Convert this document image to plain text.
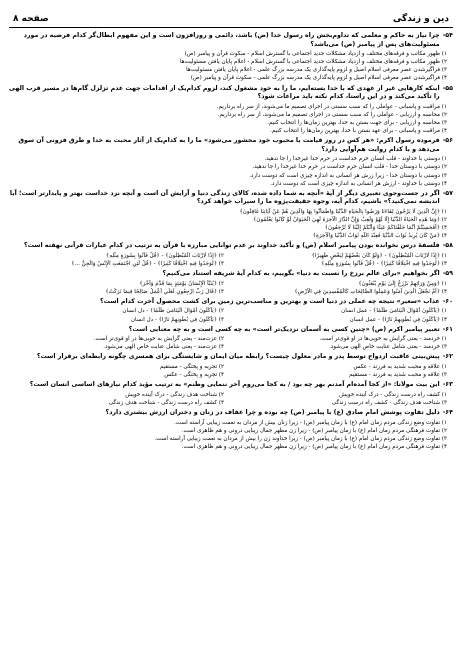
دین و زندگی
صفحه ۸
-۵۴
چرا نیاز به حاکم و معلمی که تداوم‌بخش راه رسول خدا (ص) باشد، دائمی و روزافزون است و این مفهوم ابطال‌گر کدام فرضیه در مورد مسئولیت‌های پس از پیامبر (ص) می‌باشد؟
۱) ظهور مکاتب و فرقه‌های مختلف و ازدیاد مشکلات جدید اجتماعی با گسترش اسلام - سکوت قرآن و پیامبر (ص)
۲) ظهور مکاتب و فرقه‌های مختلف و ازدیاد مشکلات جدید اجتماعی با گسترش اسلام - اعلام پایان یافتن مسئولیت‌ها
۳) فراگیرشدن عصر معرفی اسلام اصیل و لزوم پایه‌گذاری یک مدرسه بزرگ علمی - اعلام پایان یافتن مسئولیت‌ها
۴) فراگیرشدن عصر معرفی اسلام اصیل و لزوم پایه‌گذاری یک مدرسه بزرگ علمی - سکوت قرآن و پیامبر (ص)
-۵۵
اینکه کارهایی غیر از عهدی که با خدا بسته‌ایم، ما را به خود مشغول کند، لزوم کدام‌یک از اقدامات جهت عدم تزلزل گام‌ها در مسیر قرب الهی را تأکید می‌کند و در این راستا، کدام نکته باید مراعات شود؟
۱) مراقبت و پاسبانی - عواملی را که سبب سستی در اجرای تصمیم ما می‌شوند، از سر راه برداریم.
۲) محاسبه و ارزیابی - عواملی را که سبب سستی در اجرای تصمیم ما می‌شوند، از سر راه برداریم.
۳) محاسبه و ارزیابی - برای جهت بستن به خدا، بهترین زمان‌ها را انتخاب کنیم.
۴) مراقبت و پاسبانی - برای عهد بستن با خدا، بهترین زمان‌ها را انتخاب کنیم.
-۵۶
فرموده رسول اکرم: «هر کس در روز قیامت با محبوب خود محشور می‌شود» ما را به کدام‌یک از آثار محبت به خدا و طرق فزونی آن سوق می‌دهد و با کدام روایت هم‌آوایی دارد؟
۱) دوستی با خداوند - قلب انسان حرم خداست در حرم خدا غیرخدا را جا ندهید.
۲) دوستی با دوستان خدا - قلب انسان حرم خداست در حرم خدا غیرخدا را جا ندهید.
۳) دوستی با دوستان خدا - زیرا زرش هر انسانی به اندازه چیزی است که دوست دارد.
۴) دوستی با خداوند - ارزش هر انسانی به اندازه چیزی است که دوست دارد.
-۵۷
اگر در جست‌وجوی تعبیری دیگر از آیهٔ «آنچه به شما داده شده، کالای زندگی دنیا و آرایش آن است و آنچه نزد خداست بهتر و پایدارتر است؛ آیا اندیشه نمی‌کنید؟» باشیم، کدام آیه، وجوه حقیقت‌پژوه ما را سیراب خواهد کرد؟
۱) ﴿إِنَّ الَّذِينَ لَا يَرْجُونَ لِقَاءَنَا وَرَضُوا بِالْحَيَاةِ الدُّنْيَا وَاطْمَأَنُّوا بِهَا وَالَّذِينَ هُمْ عَنْ آيَاتِنَا غَافِلُونَ﴾
۲) ﴿وَمَا هَٰذِهِ الْحَيَاةُ الدُّنْيَا إِلَّا لَهْوٌ وَلَعِبٌ وَإِنَّ الدَّارَ الْآخِرَةَ لَهِيَ الْحَيَوَانُ لَوْ كَانُوا يَعْلَمُونَ﴾
۳) ﴿أَفَحَسِبْتُمْ أَنَّمَا خَلَقْنَاكُمْ عَبَثًا وَأَنَّكُمْ إِلَيْنَا لَا تُرْجَعُونَ﴾
۴) ﴿مَنْ كَانَ يُرِيدُ ثَوَابَ الدُّنْيَا فَعِنْدَ اللَّهِ ثَوَابُ الدُّنْيَا وَالْآخِرَةِ﴾
-۵۸
فلسفهٔ درس نخوانده بودن پیامبر اسلام (ص) و تأکید خداوند بر عدم توانایی مبارزه با قرآن به ترتیب در کدام عبارات قرآنی نهفته است؟
۱) ﴿إِذًا لَارْتَابَ الْمُبْطِلُونَ﴾ - ﴿وَلَوْ كَانَ بَعْضُهُمْ لِبَعْضٍ ظَهِيرًا﴾
۲) ﴿إِذًا لَارْتَابَ الْمُبْطِلُونَ﴾ - ﴿قُلْ فَأْتُوا بِسُورَةٍ مِثْلِهِ﴾
۳) ﴿لَوَجَدُوا فِيهِ اخْتِلَافًا كَثِيرًا﴾ - ﴿قُلْ فَأْتُوا بِسُورَةٍ مِثْلِهِ﴾
۴) ﴿لَوَجَدُوا فِيهِ اخْتِلَافًا كَثِيرًا﴾ - ﴿قُلْ لَئِنِ اجْتَمَعَتِ الْإِنْسُ وَالْجِنُّ ...﴾
-۵۹
اگر بخواهیم «برای عالم برزخ را نسبت به دنیا» بگوییم، به کدام آیهٔ شریفه استناد می‌کنیم؟
۱) ﴿وَمِنْ وَرَائِهِمْ بَرْزَخٌ إِلَىٰ يَوْمِ يُبْعَثُونَ﴾
۲) ﴿يُنَبَّأُ الْإِنْسَانُ يَوْمَئِذٍ بِمَا قَدَّمَ وَأَخَّرَ﴾
۳) ﴿أَمْ نَجْعَلُ الَّذِينَ آمَنُوا وَعَمِلُوا الصَّالِحَاتِ كَالْمُفْسِدِينَ فِي الْأَرْضِ﴾
۴) ﴿قَالَ رَبِّ ارْجِعُونِ لَعَلِّي أَعْمَلُ صَالِحًا فِيمَا تَرَكْتُ﴾
-۶۰
عذاب «سعیر» نتیجه چه عملی در دنیا است و بهترین و مناسب‌ترین زمین برای کشت محصول آخرت کدام است؟
۱) ﴿يَأْكُلُونَ أَمْوَالَ الْيَتَامَىٰ ظُلْمًا﴾ - عمل انسان
۲) ﴿يَأْكُلُونَ أَمْوَالَ الْيَتَامَىٰ ظُلْمًا﴾ - دل انسان
۳) ﴿يَأْكُلُونَ فِي بُطُونِهِمْ نَارًا﴾ - عمل انسان
۴) ﴿يَأْكُلُونَ فِي بُطُونِهِمْ نَارًا﴾ - دل انسان
-۶۱
تعبیر پیامبر اکرم (ص) «چنین کسی به آسمان نزدیک‌تر است» به چه کسی است و به چه معنایی است؟
۱) خردمند - یعنی گرایش به خوبی‌ها در او قوی‌تر است.
۲) عزت‌مند - یعنی گرایش به خوبی‌ها در او قوی‌تر است.
۳) خردمند - یعنی شامل عنایت خاص الهی می‌شود.
۴) عزت‌مند - یعنی شامل عنایت خاص الهی می‌شود.
-۶۲
پیش‌بینی عاقبت ازدواج توسط پدر و مادر معلول چیست؟ رابطه میان ایمان و شایستگی برای همسری چگونه رابطه‌ای برقرار است؟
۱) علاقه و محبت شدید به فرزند - عکس
۲) تجربه و پختگی - مستقیم
۳) علاقه و محبت شدید به فرزند - مستقیم
۴) تجربه و پختگی - عکس
-۶۳
این بیت مولانا: «از کجا آمده‌ام آمدنم بهر چه بود / به کجا می‌روم آخر ننمایی وطنم» به ترتیب مؤید کدام نیازهای اساسی انسان است؟
۱) کشف راه درست زندگی - درک آینده خویش
۲) شناخت هدف زندگی - درک آینده خویش
۳) شناخت هدف زندگی - کشف راه درست زندگی
۴) کشف راه درست زندگی - شناخت هدف زندگی
-۶۴
دلیل تفاوت پوشش امام صادق (ع) با پیامبر (ص) چه بوده و چرا عفاف در زنان و دختران ارزش بیشتری دارد؟
۱) تفاوت وضع زندگی مردم زمان امام (ع) با زمان پیامبر (ص) - زیرا زنان بیش از مردان به نعمت زیبایی آراسته است.
۲) تفاوت فرهنگی مردم زمان امام (ع) با زمان پیامبر (ص) - زیرا زن مظهر جمال زیبایی درونی و هم ظاهری است.
۳) تفاوت وضع زندگی مردم زمان امام (ع) با زمان پیامبر (ص) - زیرا خداوند زن را بیش از مردان به نعمت زیبایی آراسته است.
۴) تفاوت فرهنگی مردم زمان امام (ع) با زمان پیامبر (ص) - زیرا زن مظهر جمال زیبایی درونی و هم ظاهری است.
